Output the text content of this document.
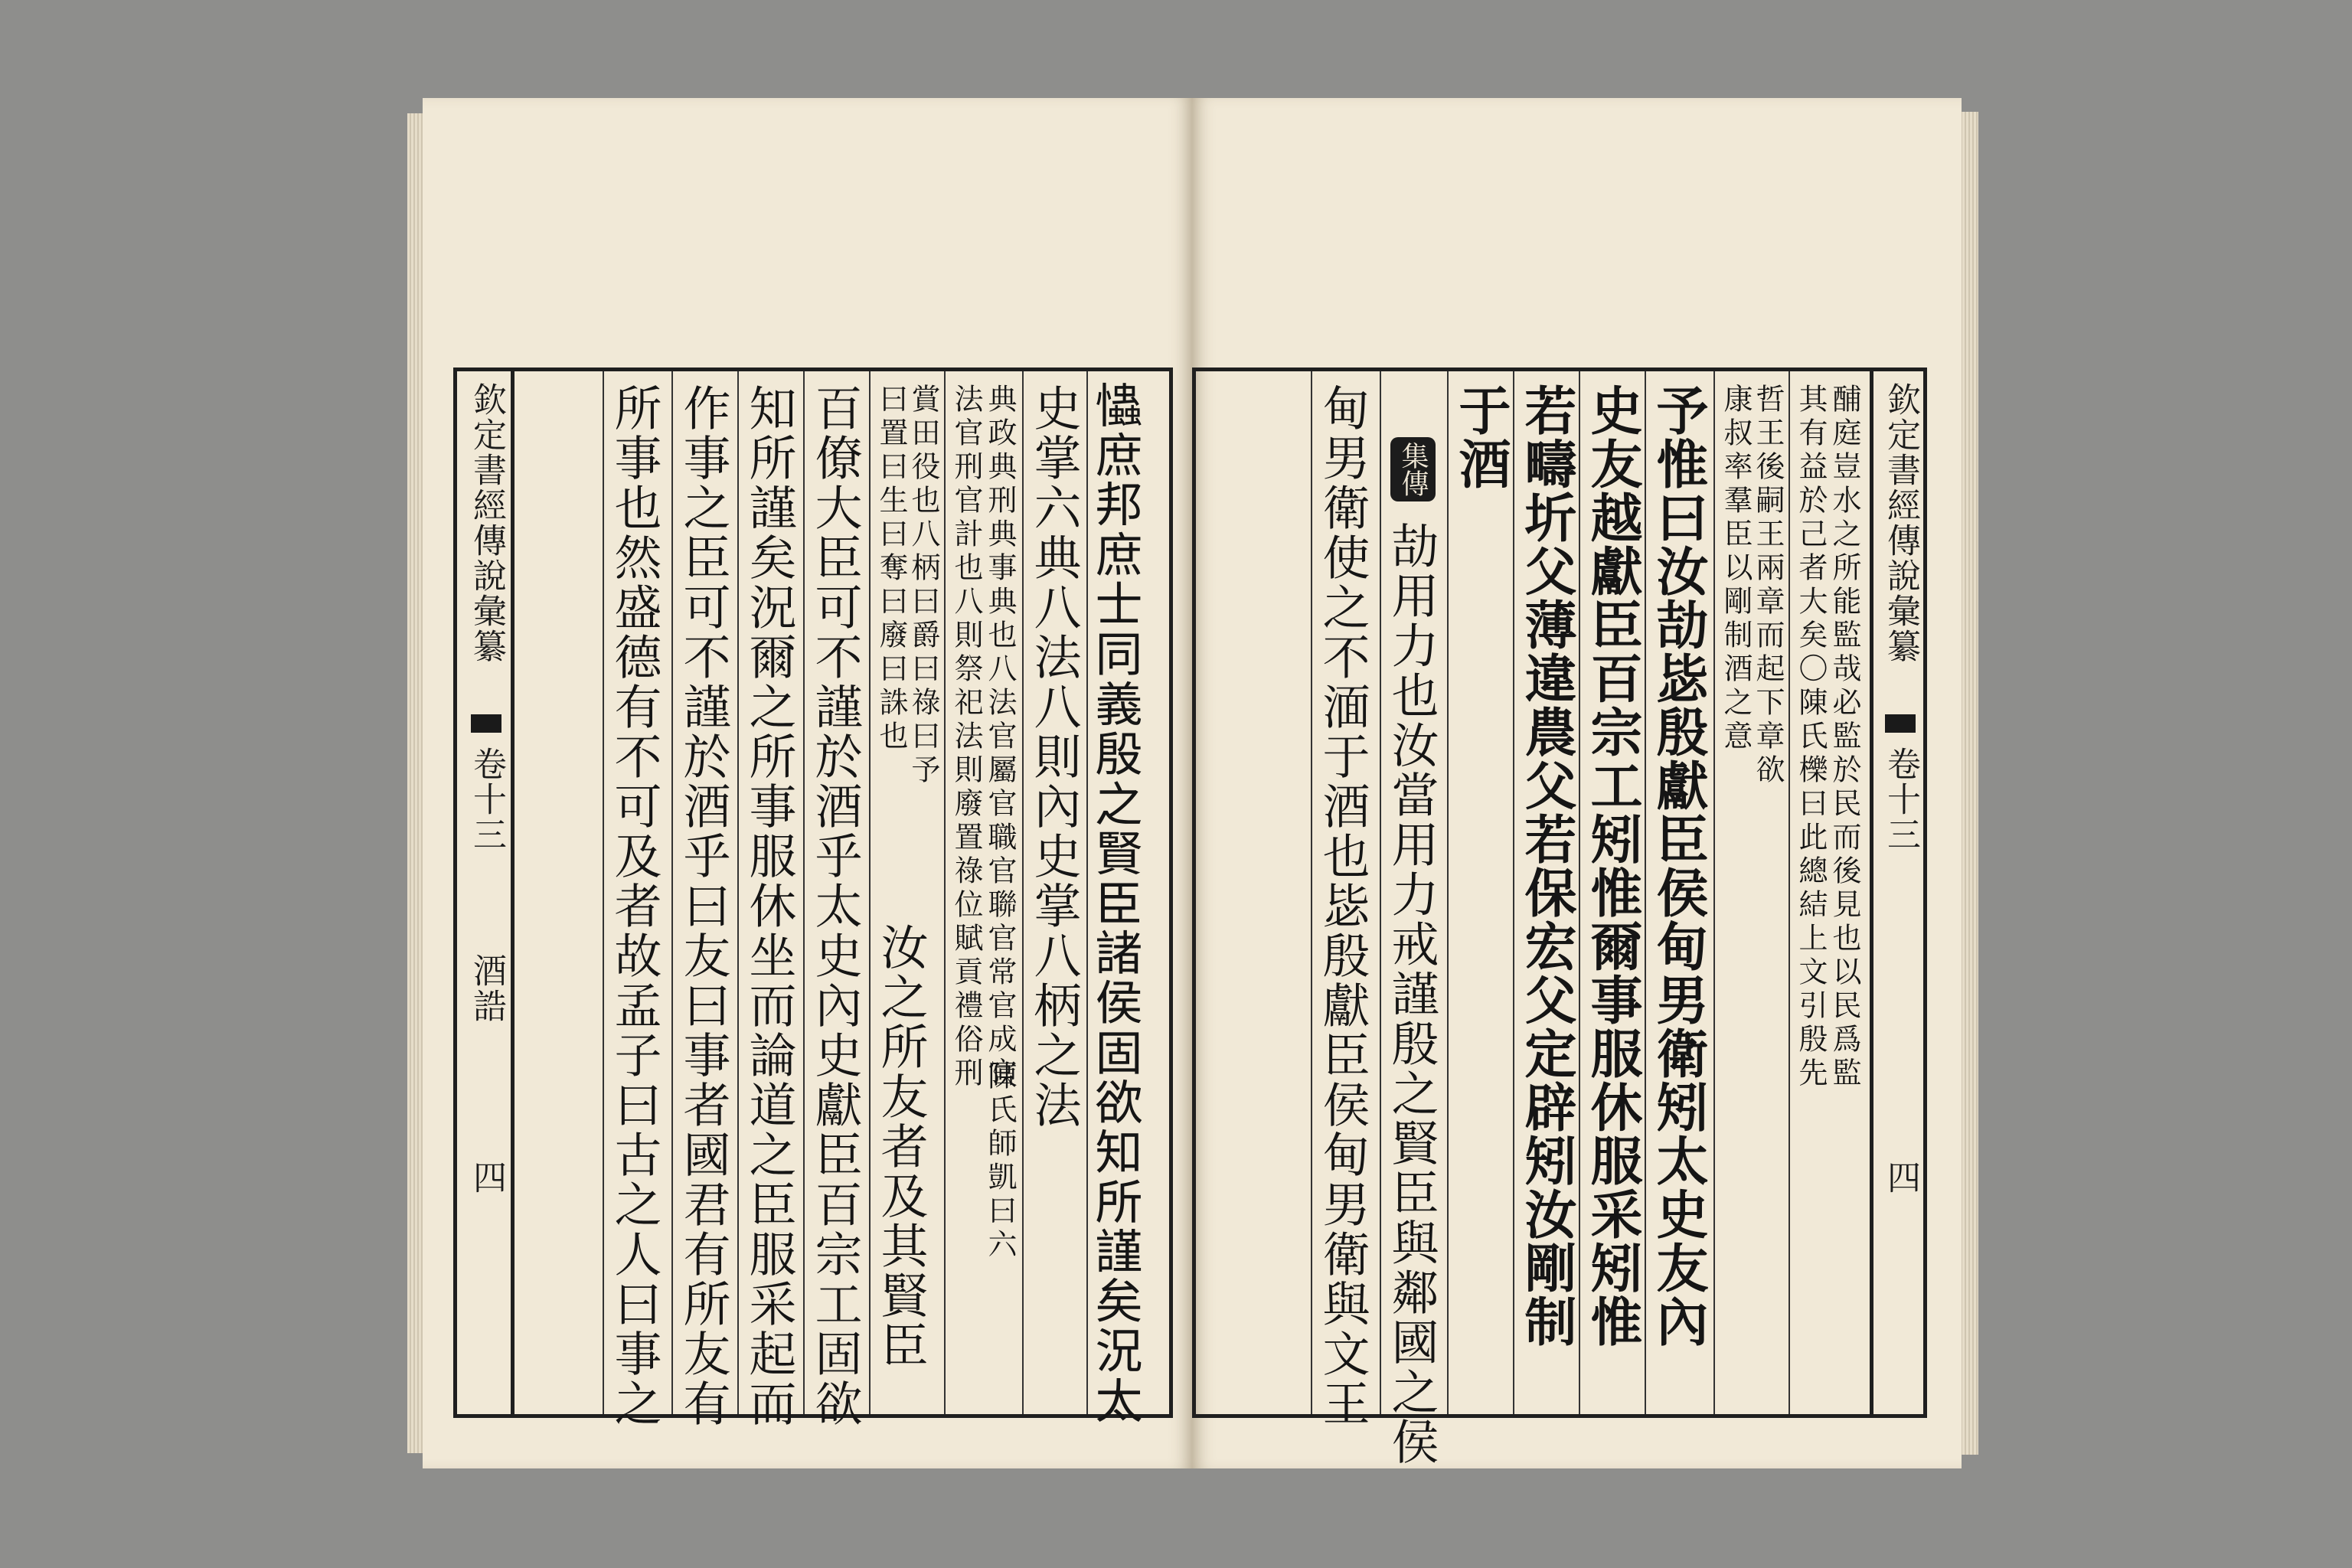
欽定書經傳說彙纂
卷十三
酒誥
四	𢥞庶邦庶士同義殷之賢臣諸侯固欲知所謹矣況太
史掌六典八法八則內史掌八柄之法
陳氏師凱曰六
典政典刑典事典也八法官屬官職官聯官常官成官
法官刑官計也八則祭祀法則廢置祿位賦貢禮俗刑
賞田役也八柄曰爵曰祿曰予
曰置曰生曰奪曰廢曰誅也
汝之所友者及其賢臣
百僚大臣可不謹於酒乎太史內史獻臣百宗工固欲
知所謹矣況爾之所事服休坐而論道之臣服采起而
作事之臣可不謹於酒乎曰友曰事者國君有所友有
所事也然盛德有不可及者故孟子曰古之人曰事之	欽定書經傳說彙纂
卷十三
四
酺庭豈水之所能監哉必監於民而後見也以民爲監
其有益於己者大矣〇陳氏櫟曰此總結上文引殷先
哲王後嗣王兩章而起下章欲
康叔率羣臣以剛制酒之意
予惟曰汝劼毖殷獻臣侯甸男衛矧太史友內
史友越獻臣百宗工矧惟爾事服休服采矧惟
若疇圻父薄違農父若保宏父定辟矧汝剛制
于酒
集傳
劼用力也汝當用力戒謹殷之賢臣與鄰國之侯
甸男衛使之不湎于酒也毖殷獻臣侯甸男衛與文王
